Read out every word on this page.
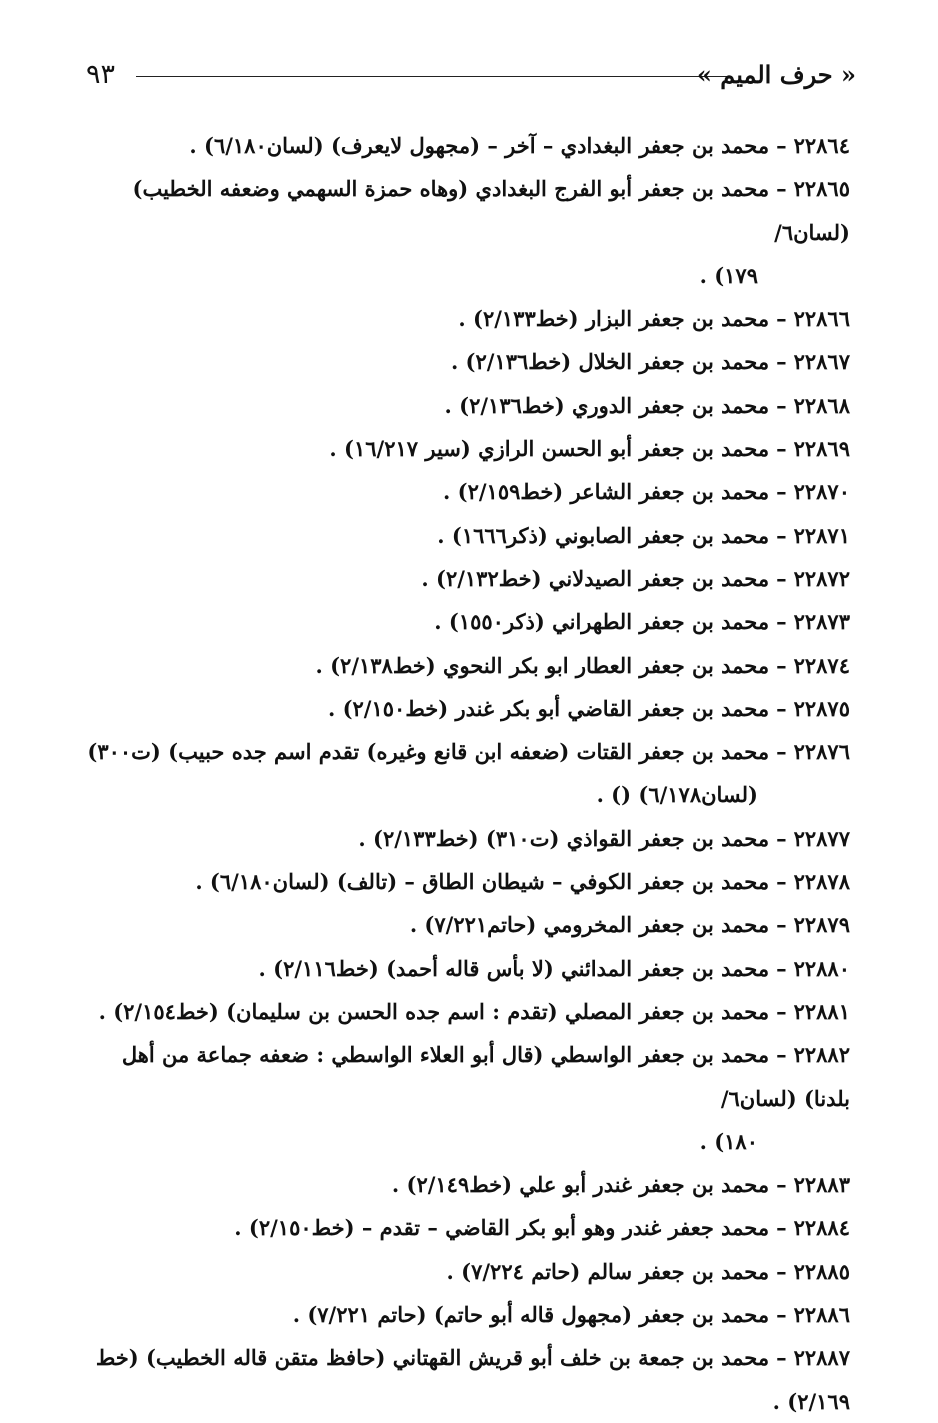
٩٣	« حرف الميم »
٢٢٨٦٤–محمد بن جعفر البغدادي – آخر – (مجهول لايعرف) (لسان٦/١٨٠) .
٢٢٨٦٥–محمد بن جعفر أبو الفرج البغدادي (وهاه حمزة السهمي وضعفه الخطيب) (لسان٦/
١٧٩) .
٢٢٨٦٦–محمد بن جعفر البزار (خط٢/١٣٣) .
٢٢٨٦٧–محمد بن جعفر الخلال (خط٢/١٣٦) .
٢٢٨٦٨–محمد بن جعفر الدوري (خط٢/١٣٦) .
٢٢٨٦٩–محمد بن جعفر أبو الحسن الرازي (سير ١٦/٢١٧) .
٢٢٨٧٠–محمد بن جعفر الشاعر (خط٢/١٥٩) .
٢٢٨٧١–محمد بن جعفر الصابوني (ذكر١٦٦٦) .
٢٢٨٧٢–محمد بن جعفر الصيدلاني (خط٢/١٣٢) .
٢٢٨٧٣–محمد بن جعفر الطهراني (ذكر١٥٥٠) .
٢٢٨٧٤–محمد بن جعفر العطار ابو بكر النحوي (خط٢/١٣٨) .
٢٢٨٧٥–محمد بن جعفر القاضي أبو بكر غندر (خط٢/١٥٠) .
٢٢٨٧٦–محمد بن جعفر القتات (ضعفه ابن قانع وغيره) تقدم اسم جده حبيب) (ت٣٠٠)
(لسان٦/١٧٨) () .
٢٢٨٧٧–محمد بن جعفر القواذي (ت٣١٠) (خط٢/١٣٣) .
٢٢٨٧٨–محمد بن جعفر الكوفي – شيطان الطاق – (تالف) (لسان٦/١٨٠) .
٢٢٨٧٩–محمد بن جعفر المخرومي (حاتم٧/٢٢١) .
٢٢٨٨٠–محمد بن جعفر المدائني (لا بأس قاله أحمد) (خط٢/١١٦) .
٢٢٨٨١–محمد بن جعفر المصلي (تقدم : اسم جده الحسن بن سليمان) (خط٢/١٥٤) .
٢٢٨٨٢–محمد بن جعفر الواسطي (قال أبو العلاء الواسطي : ضعفه جماعة من أهل بلدنا) (لسان٦/
١٨٠) .
٢٢٨٨٣–محمد بن جعفر غندر أبو علي (خط٢/١٤٩) .
٢٢٨٨٤–محمد جعفر غندر وهو أبو بكر القاضي – تقدم – (خط٢/١٥٠) .
٢٢٨٨٥–محمد بن جعفر سالم (حاتم ٧/٢٢٤) .
٢٢٨٨٦–محمد بن جعفر (مجهول قاله أبو حاتم) (حاتم ٧/٢٢١) .
٢٢٨٨٧–محمد بن جمعة بن خلف أبو قريش القهتاني (حافظ متقن قاله الخطيب) (خط ٢/١٦٩) .
